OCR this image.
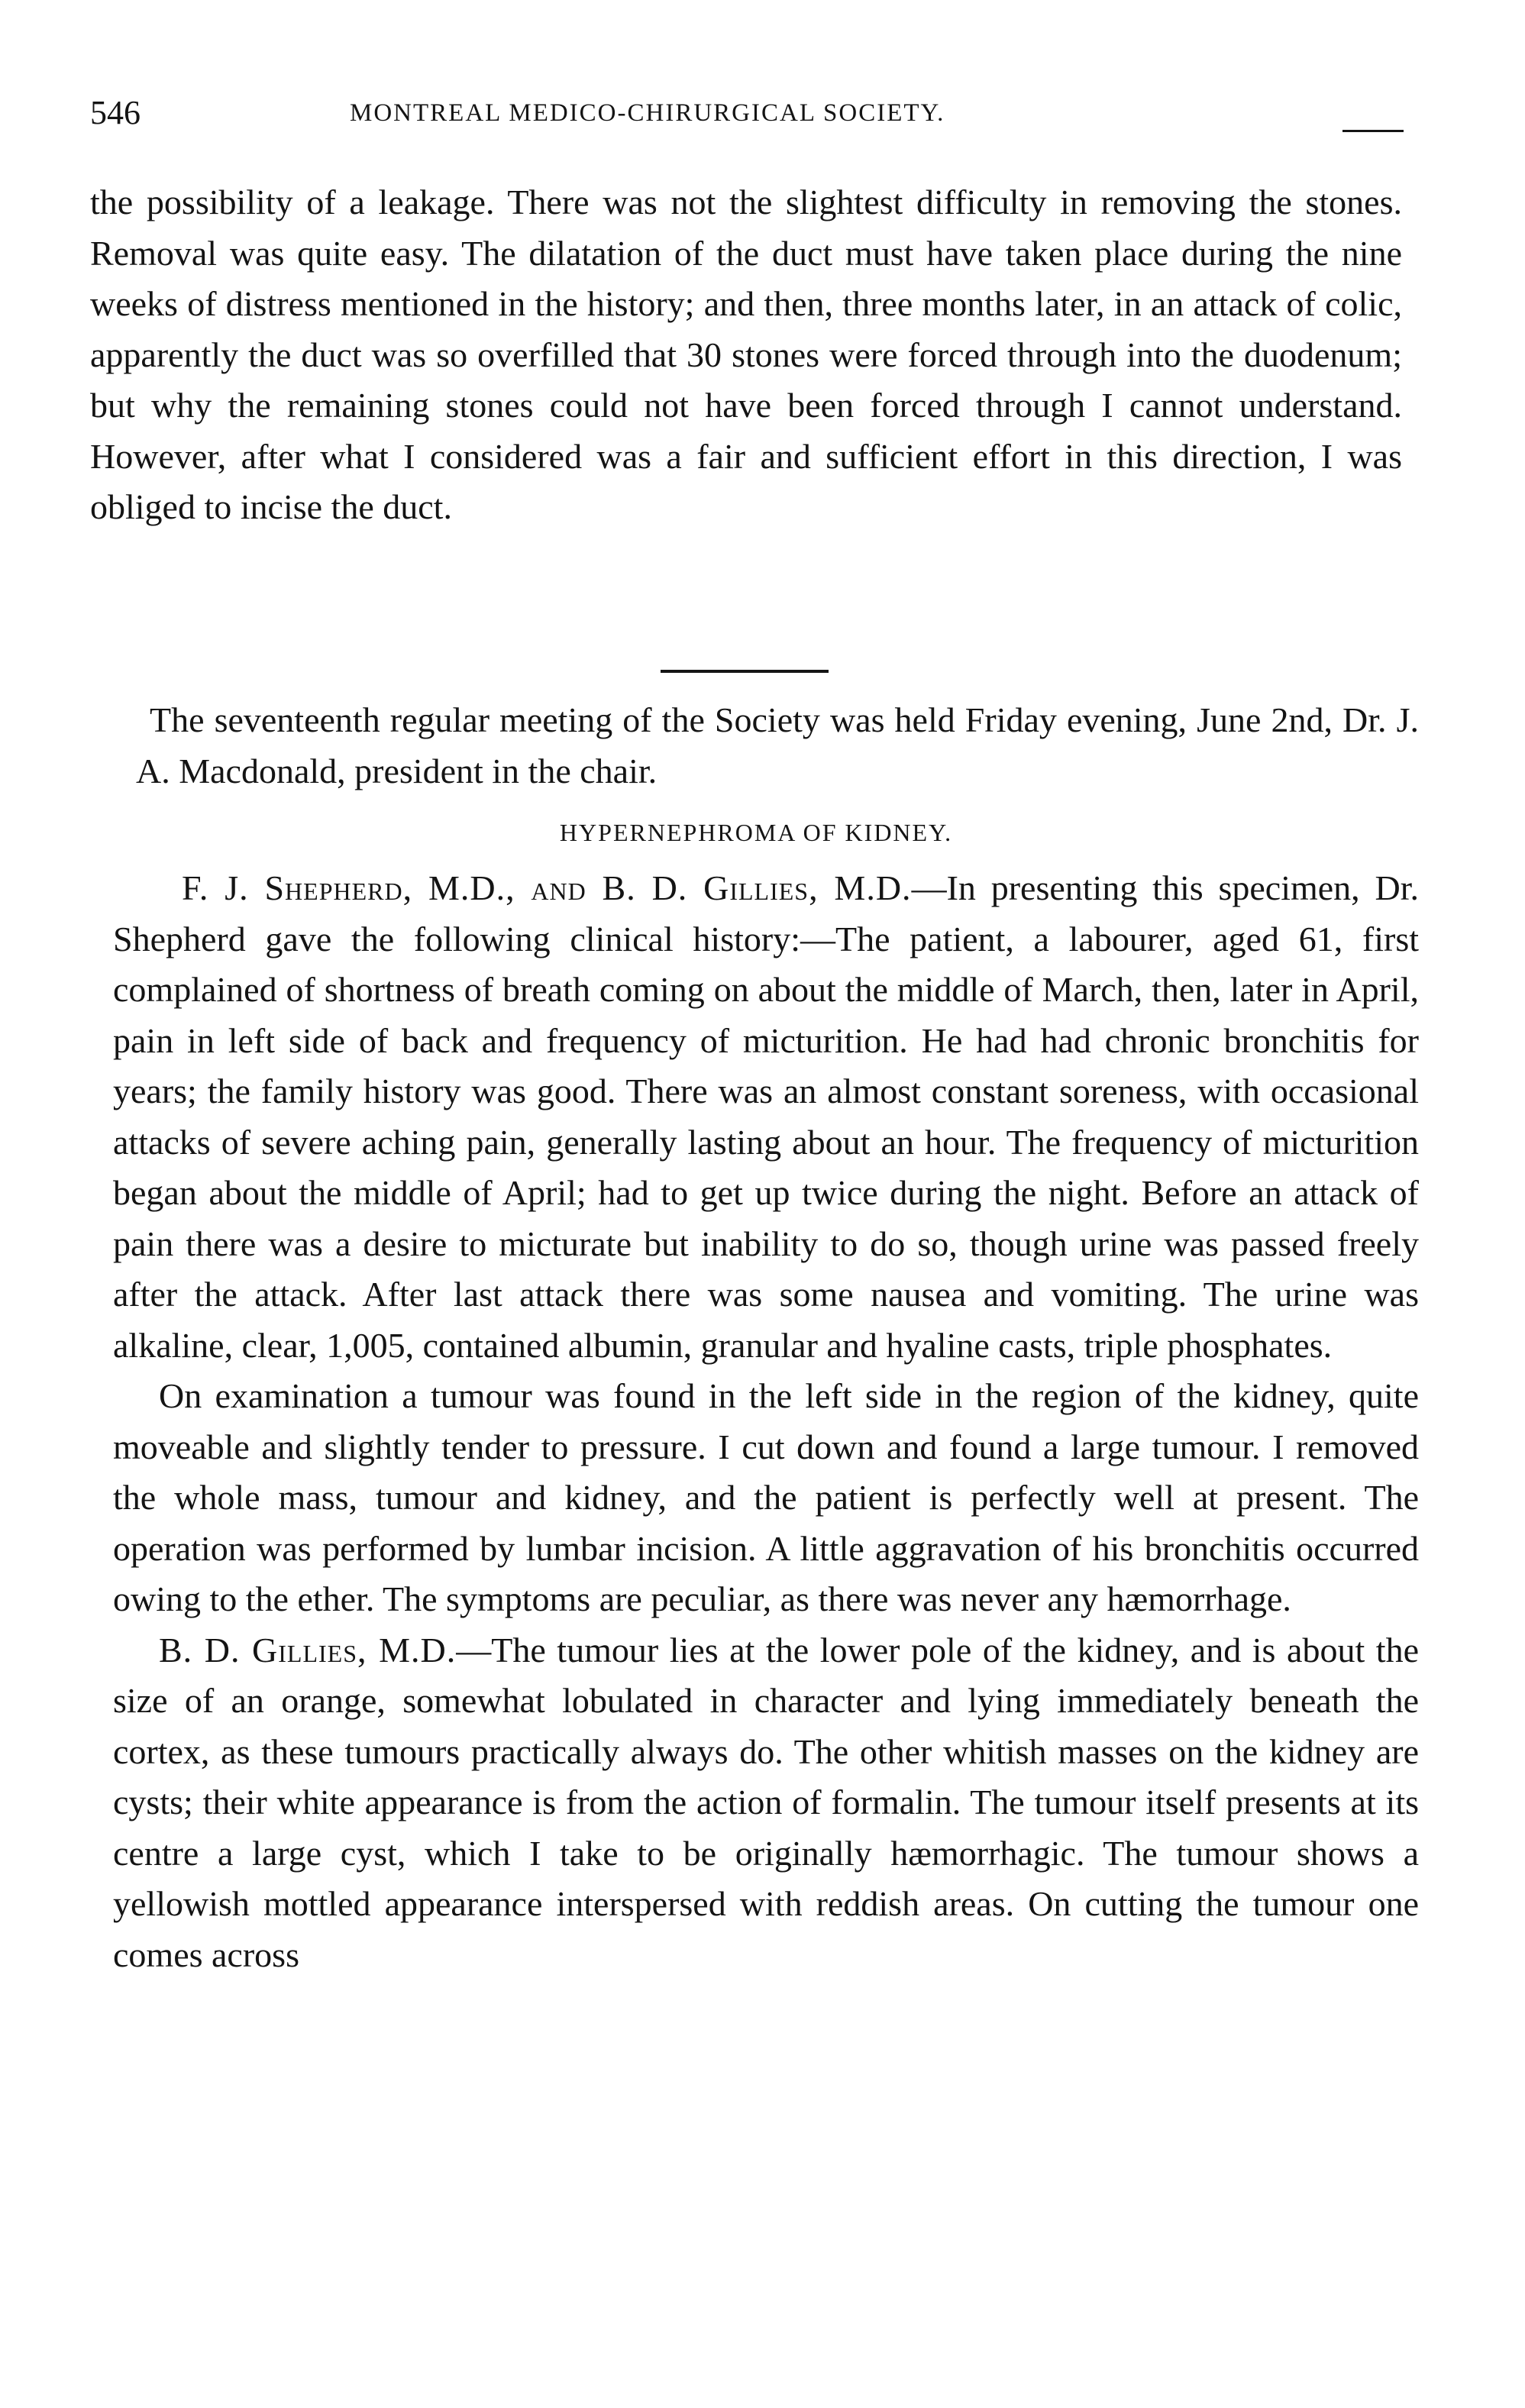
546	MONTREAL MEDICO-CHIRURGICAL SOCIETY.

the possibility of a leakage. There was not the slightest difficulty in removing the stones. Removal was quite easy. The dilatation of the duct must have taken place during the nine weeks of distress mentioned in the history; and then, three months later, in an attack of colic, apparently the duct was so overfilled that 30 stones were forced through into the duodenum; but why the remaining stones could not have been forced through I cannot understand. However, after what I considered was a fair and sufficient effort in this direction, I was obliged to incise the duct.

The seventeenth regular meeting of the Society was held Friday evening, June 2nd, Dr. J. A. Macdonald, president in the chair.

HYPERNEPHROMA OF KIDNEY.

F. J. Shepherd, M.D., and B. D. Gillies, M.D.—In presenting this specimen, Dr. Shepherd gave the following clinical history:—The patient, a labourer, aged 61, first complained of shortness of breath coming on about the middle of March, then, later in April, pain in left side of back and frequency of micturition. He had had chronic bronchitis for years; the family history was good. There was an almost constant soreness, with occasional attacks of severe aching pain, generally lasting about an hour. The frequency of micturition began about the middle of April; had to get up twice during the night. Before an attack of pain there was a desire to micturate but inability to do so, though urine was passed freely after the attack. After last attack there was some nausea and vomiting. The urine was alkaline, clear, 1,005, contained albumin, granular and hyaline casts, triple phosphates.

On examination a tumour was found in the left side in the region of the kidney, quite moveable and slightly tender to pressure. I cut down and found a large tumour. I removed the whole mass, tumour and kidney, and the patient is perfectly well at present. The operation was performed by lumbar incision. A little aggravation of his bronchitis occurred owing to the ether. The symptoms are peculiar, as there was never any hæmorrhage.

B. D. Gillies, M.D.—The tumour lies at the lower pole of the kidney, and is about the size of an orange, somewhat lobulated in character and lying immediately beneath the cortex, as these tumours practically always do. The other whitish masses on the kidney are cysts; their white appearance is from the action of formalin. The tumour itself presents at its centre a large cyst, which I take to be originally hæmorrhagic. The tumour shows a yellowish mottled appearance interspersed with reddish areas. On cutting the tumour one comes across
